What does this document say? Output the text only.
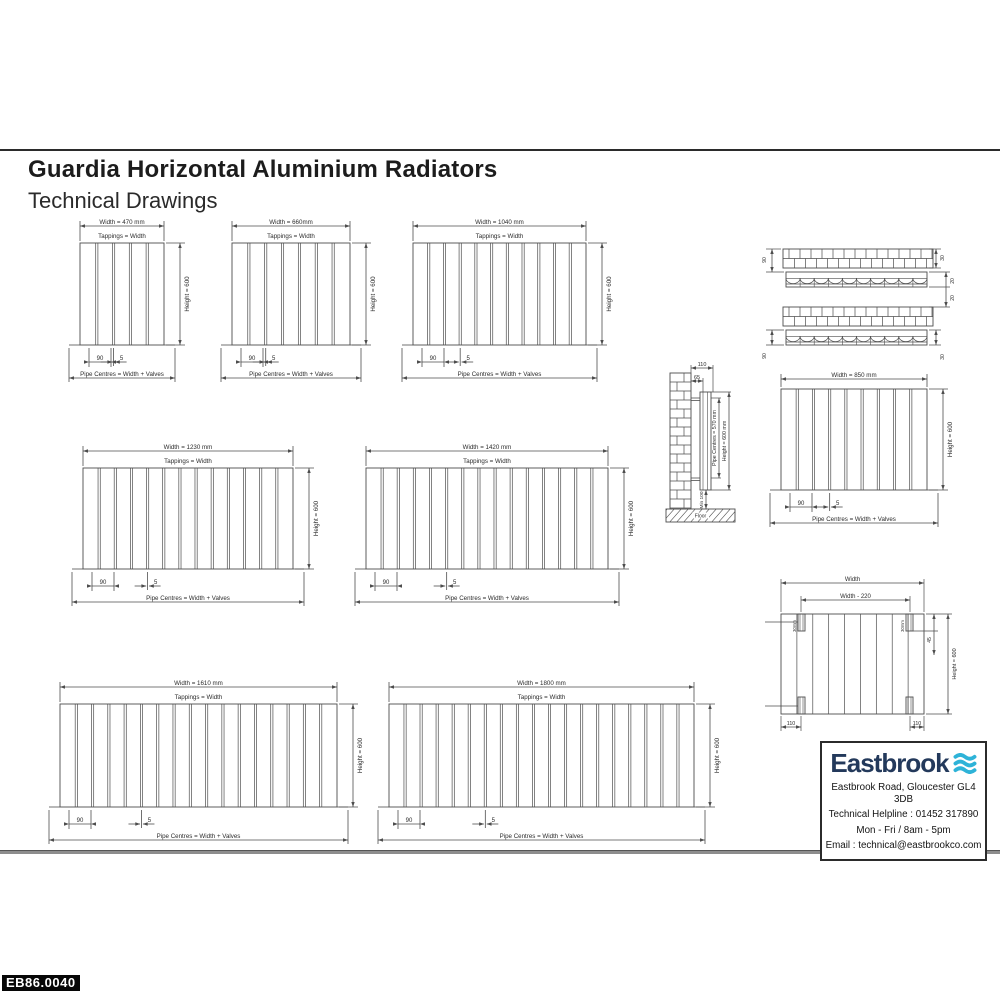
Guardia Horizontal Aluminium Radiators
Technical Drawings
Width = 470 mm
Tappings = Width
Height = 600
90	5
Pipe Centres = Width + Valves
Width = 660mm
Tappings = Width
Height = 600
90	5
Pipe Centres = Width + Valves
Width = 1040 mm
Tappings = Width
Height = 600
90	5
Pipe Centres = Width + Valves	Width = 850 mm
Height = 600
90	5
Pipe Centres = Width + Valves
Width = 1230 mm
Tappings = Width
Height = 600
90	5
Pipe Centres = Width + Valves
Width = 1420 mm
Tappings = Width
Height = 600
90	5
Pipe Centres = Width + Valves
Width = 1610 mm
Tappings = Width
Height = 600
90	5
Pipe Centres = Width + Valves
Width = 1800 mm
Tappings = Width
Height = 600
90	5
Pipe Centres = Width + Valves
90	30
20
20
90	30
Floor
110
65
Pipe Centres = 570 mm Height = 600 mm
Min 100
Width
Width - 220
110	110
45
Height = 600
30mm	30mm
Eastbrook
Eastbrook Road, Gloucester GL4 3DB
Technical Helpline : 01452 317890
Mon - Fri / 8am - 5pm
Email : technical@eastbrookco.com
EB86.0040
